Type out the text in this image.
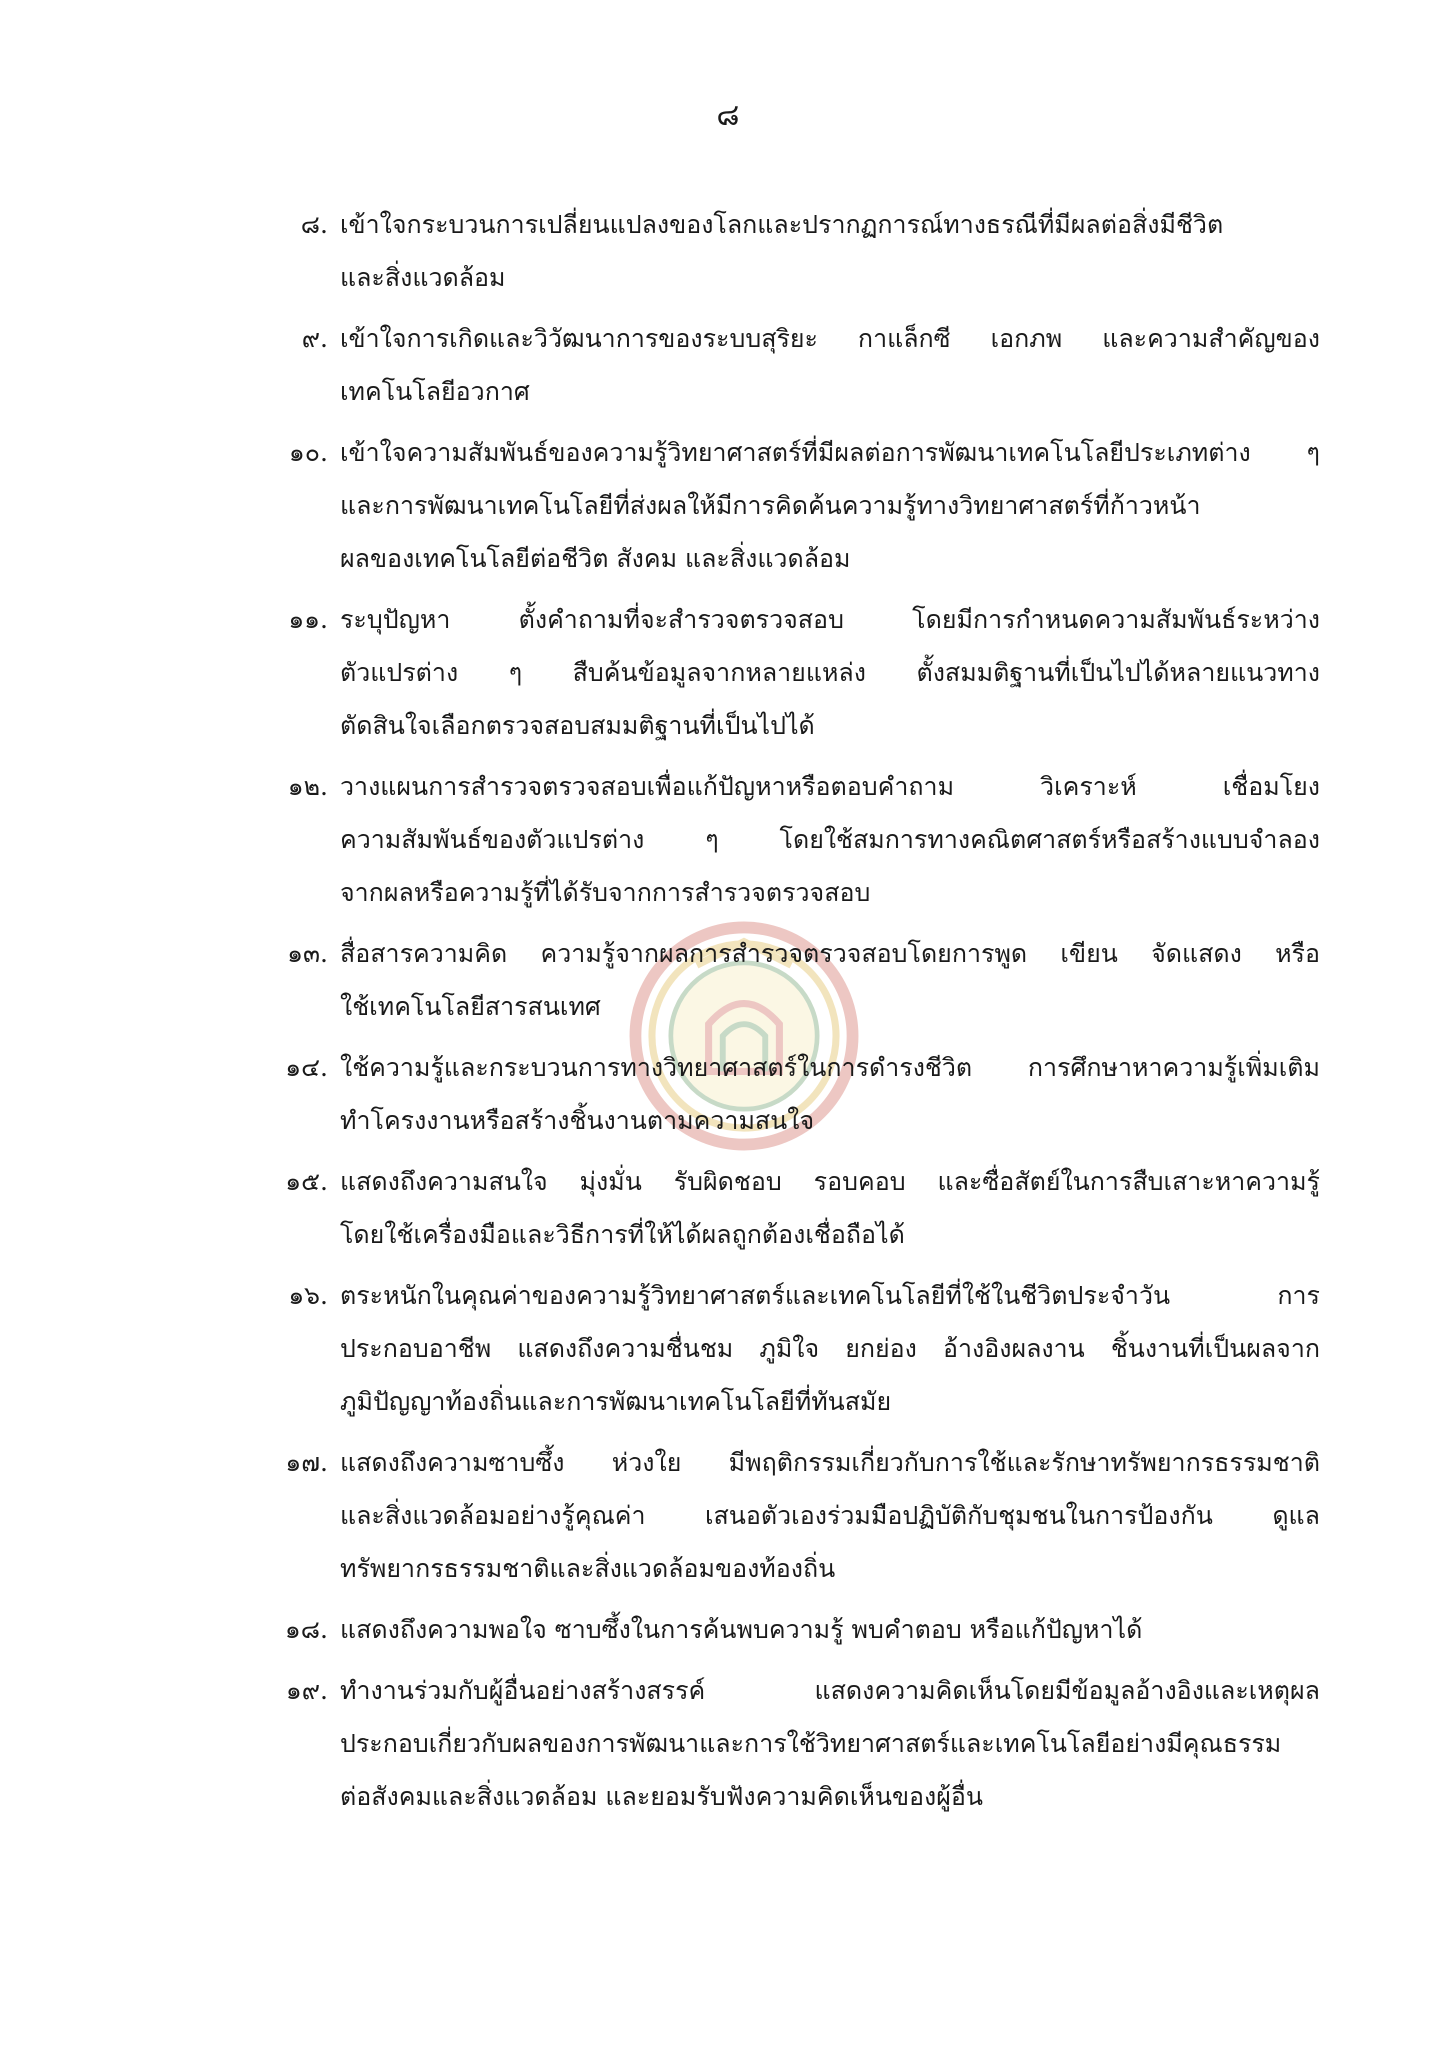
๘
๘. เข้าใจกระบวนการเปลี่ยนแปลงของโลกและปรากฏการณ์ทางธรณีที่มีผลต่อสิ่งมีชีวิต
และสิ่งแวดล้อม
๙. เข้าใจการเกิดและวิวัฒนาการของระบบสุริยะ กาแล็กซี เอกภพ และความสำคัญของ
เทคโนโลยีอวกาศ
๑๐. เข้าใจความสัมพันธ์ของความรู้วิทยาศาสตร์ที่มีผลต่อการพัฒนาเทคโนโลยีประเภทต่าง ๆ
และการพัฒนาเทคโนโลยีที่ส่งผลให้มีการคิดค้นความรู้ทางวิทยาศาสตร์ที่ก้าวหน้า
ผลของเทคโนโลยีต่อชีวิต สังคม และสิ่งแวดล้อม
๑๑. ระบุปัญหา ตั้งคำถามที่จะสำรวจตรวจสอบ โดยมีการกำหนดความสัมพันธ์ระหว่าง
ตัวแปรต่าง ๆ สืบค้นข้อมูลจากหลายแหล่ง ตั้งสมมติฐานที่เป็นไปได้หลายแนวทาง
ตัดสินใจเลือกตรวจสอบสมมติฐานที่เป็นไปได้
๑๒. วางแผนการสำรวจตรวจสอบเพื่อแก้ปัญหาหรือตอบคำถาม วิเคราะห์ เชื่อมโยง
ความสัมพันธ์ของตัวแปรต่าง ๆ โดยใช้สมการทางคณิตศาสตร์หรือสร้างแบบจำลอง
จากผลหรือความรู้ที่ได้รับจากการสำรวจตรวจสอบ
๑๓. สื่อสารความคิด ความรู้จากผลการสำรวจตรวจสอบโดยการพูด เขียน จัดแสดง หรือ
ใช้เทคโนโลยีสารสนเทศ
๑๔. ใช้ความรู้และกระบวนการทางวิทยาศาสตร์ในการดำรงชีวิต การศึกษาหาความรู้เพิ่มเติม
ทำโครงงานหรือสร้างชิ้นงานตามความสนใจ
๑๕. แสดงถึงความสนใจ มุ่งมั่น รับผิดชอบ รอบคอบ และซื่อสัตย์ในการสืบเสาะหาความรู้
โดยใช้เครื่องมือและวิธีการที่ให้ได้ผลถูกต้องเชื่อถือได้
๑๖. ตระหนักในคุณค่าของความรู้วิทยาศาสตร์และเทคโนโลยีที่ใช้ในชีวิตประจำวัน การ
ประกอบอาชีพ แสดงถึงความชื่นชม ภูมิใจ ยกย่อง อ้างอิงผลงาน ชิ้นงานที่เป็นผลจาก
ภูมิปัญญาท้องถิ่นและการพัฒนาเทคโนโลยีที่ทันสมัย
๑๗. แสดงถึงความซาบซึ้ง ห่วงใย มีพฤติกรรมเกี่ยวกับการใช้และรักษาทรัพยากรธรรมชาติ
และสิ่งแวดล้อมอย่างรู้คุณค่า เสนอตัวเองร่วมมือปฏิบัติกับชุมชนในการป้องกัน ดูแล
ทรัพยากรธรรมชาติและสิ่งแวดล้อมของท้องถิ่น
๑๘. แสดงถึงความพอใจ ซาบซึ้งในการค้นพบความรู้ พบคำตอบ หรือแก้ปัญหาได้
๑๙. ทำงานร่วมกับผู้อื่นอย่างสร้างสรรค์ แสดงความคิดเห็นโดยมีข้อมูลอ้างอิงและเหตุผล
ประกอบเกี่ยวกับผลของการพัฒนาและการใช้วิทยาศาสตร์และเทคโนโลยีอย่างมีคุณธรรม
ต่อสังคมและสิ่งแวดล้อม และยอมรับฟังความคิดเห็นของผู้อื่น
